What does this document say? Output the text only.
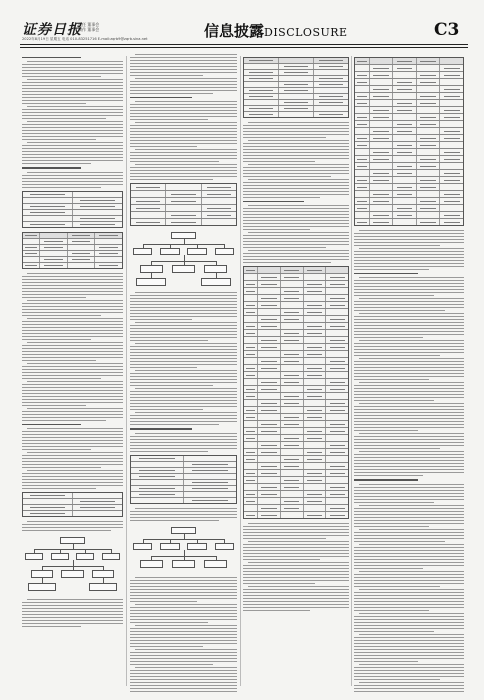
证券日报
责任 董事会
制作 董事会
2022年8月19日 星期五 电话 010-83251716 E-mail:zqrb9@zqrb.sina.net	信息披露DISCLOSURE	C3
